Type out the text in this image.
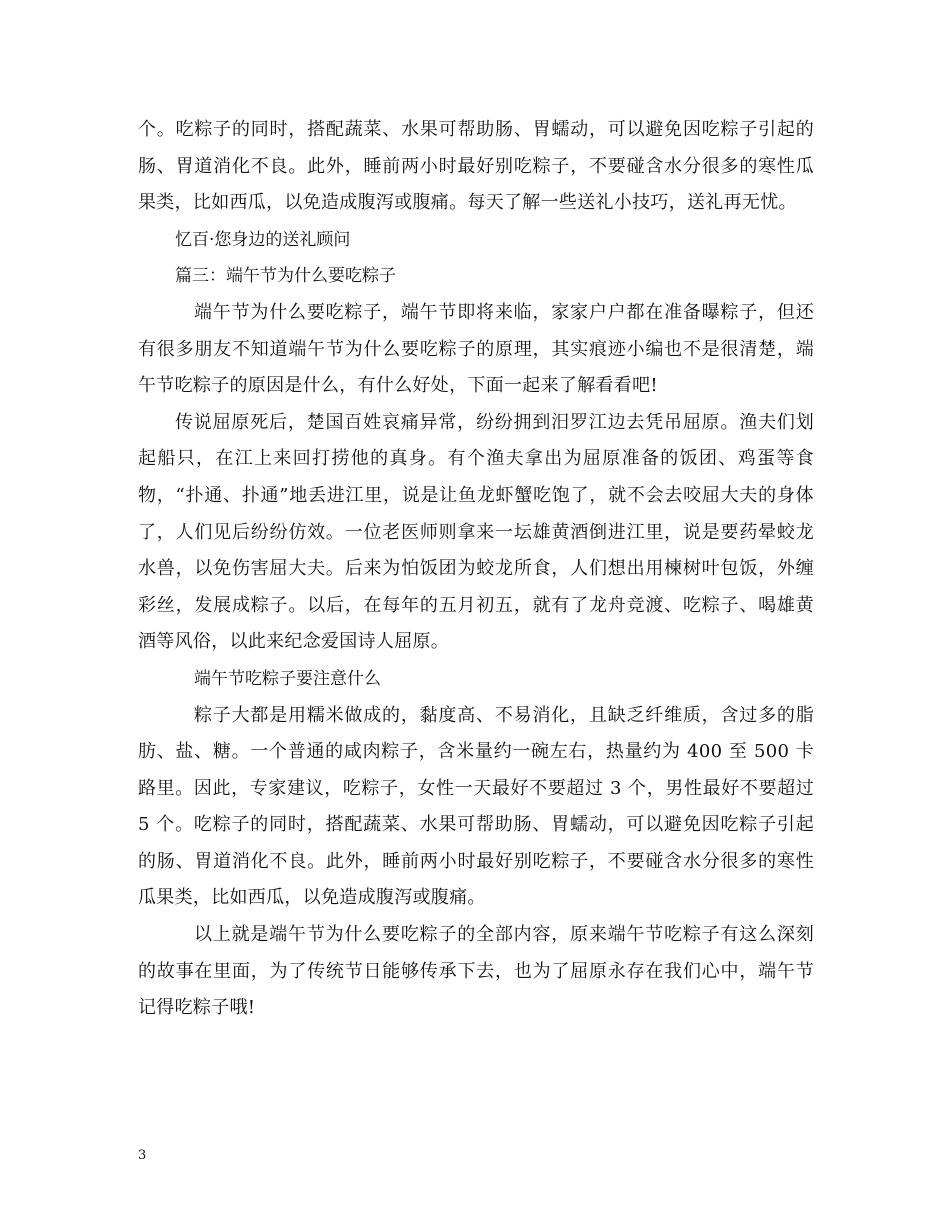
个。吃粽子的同时，搭配蔬菜、水果可帮助肠、胃蠕动，可以避免因吃粽子引起的肠、胃道消化不良。此外，睡前两小时最好别吃粽子，不要碰含水分很多的寒性瓜果类，比如西瓜，以免造成腹泻或腹痛。每天了解一些送礼小技巧，送礼再无忧。

忆百·您身边的送礼顾问

篇三：端午节为什么要吃粽子

端午节为什么要吃粽子，端午节即将来临，家家户户都在准备曝粽子，但还有很多朋友不知道端午节为什么要吃粽子的原理，其实痕迹小编也不是很清楚，端午节吃粽子的原因是什么，有什么好处，下面一起来了解看看吧!

传说屈原死后，楚国百姓哀痛异常，纷纷拥到汨罗江边去凭吊屈原。渔夫们划起船只，在江上来回打捞他的真身。有个渔夫拿出为屈原准备的饭团、鸡蛋等食物，“扑通、扑通”地丢进江里，说是让鱼龙虾蟹吃饱了，就不会去咬屈大夫的身体了，人们见后纷纷仿效。一位老医师则拿来一坛雄黄酒倒进江里，说是要药晕蛟龙水兽，以免伤害屈大夫。后来为怕饭团为蛟龙所食，人们想出用楝树叶包饭，外缠彩丝，发展成粽子。以后，在每年的五月初五，就有了龙舟竞渡、吃粽子、喝雄黄酒等风俗，以此来纪念爱国诗人屈原。

端午节吃粽子要注意什么

粽子大都是用糯米做成的，黏度高、不易消化，且缺乏纤维质，含过多的脂肪、盐、糖。一个普通的咸肉粽子，含米量约一碗左右，热量约为 400 至 500 卡路里。因此，专家建议，吃粽子，女性一天最好不要超过 3 个，男性最好不要超过 5 个。吃粽子的同时，搭配蔬菜、水果可帮助肠、胃蠕动，可以避免因吃粽子引起的肠、胃道消化不良。此外，睡前两小时最好别吃粽子，不要碰含水分很多的寒性瓜果类，比如西瓜，以免造成腹泻或腹痛。

以上就是端午节为什么要吃粽子的全部内容，原来端午节吃粽子有这么深刻的故事在里面，为了传统节日能够传承下去，也为了屈原永存在我们心中，端午节记得吃粽子哦!

3
